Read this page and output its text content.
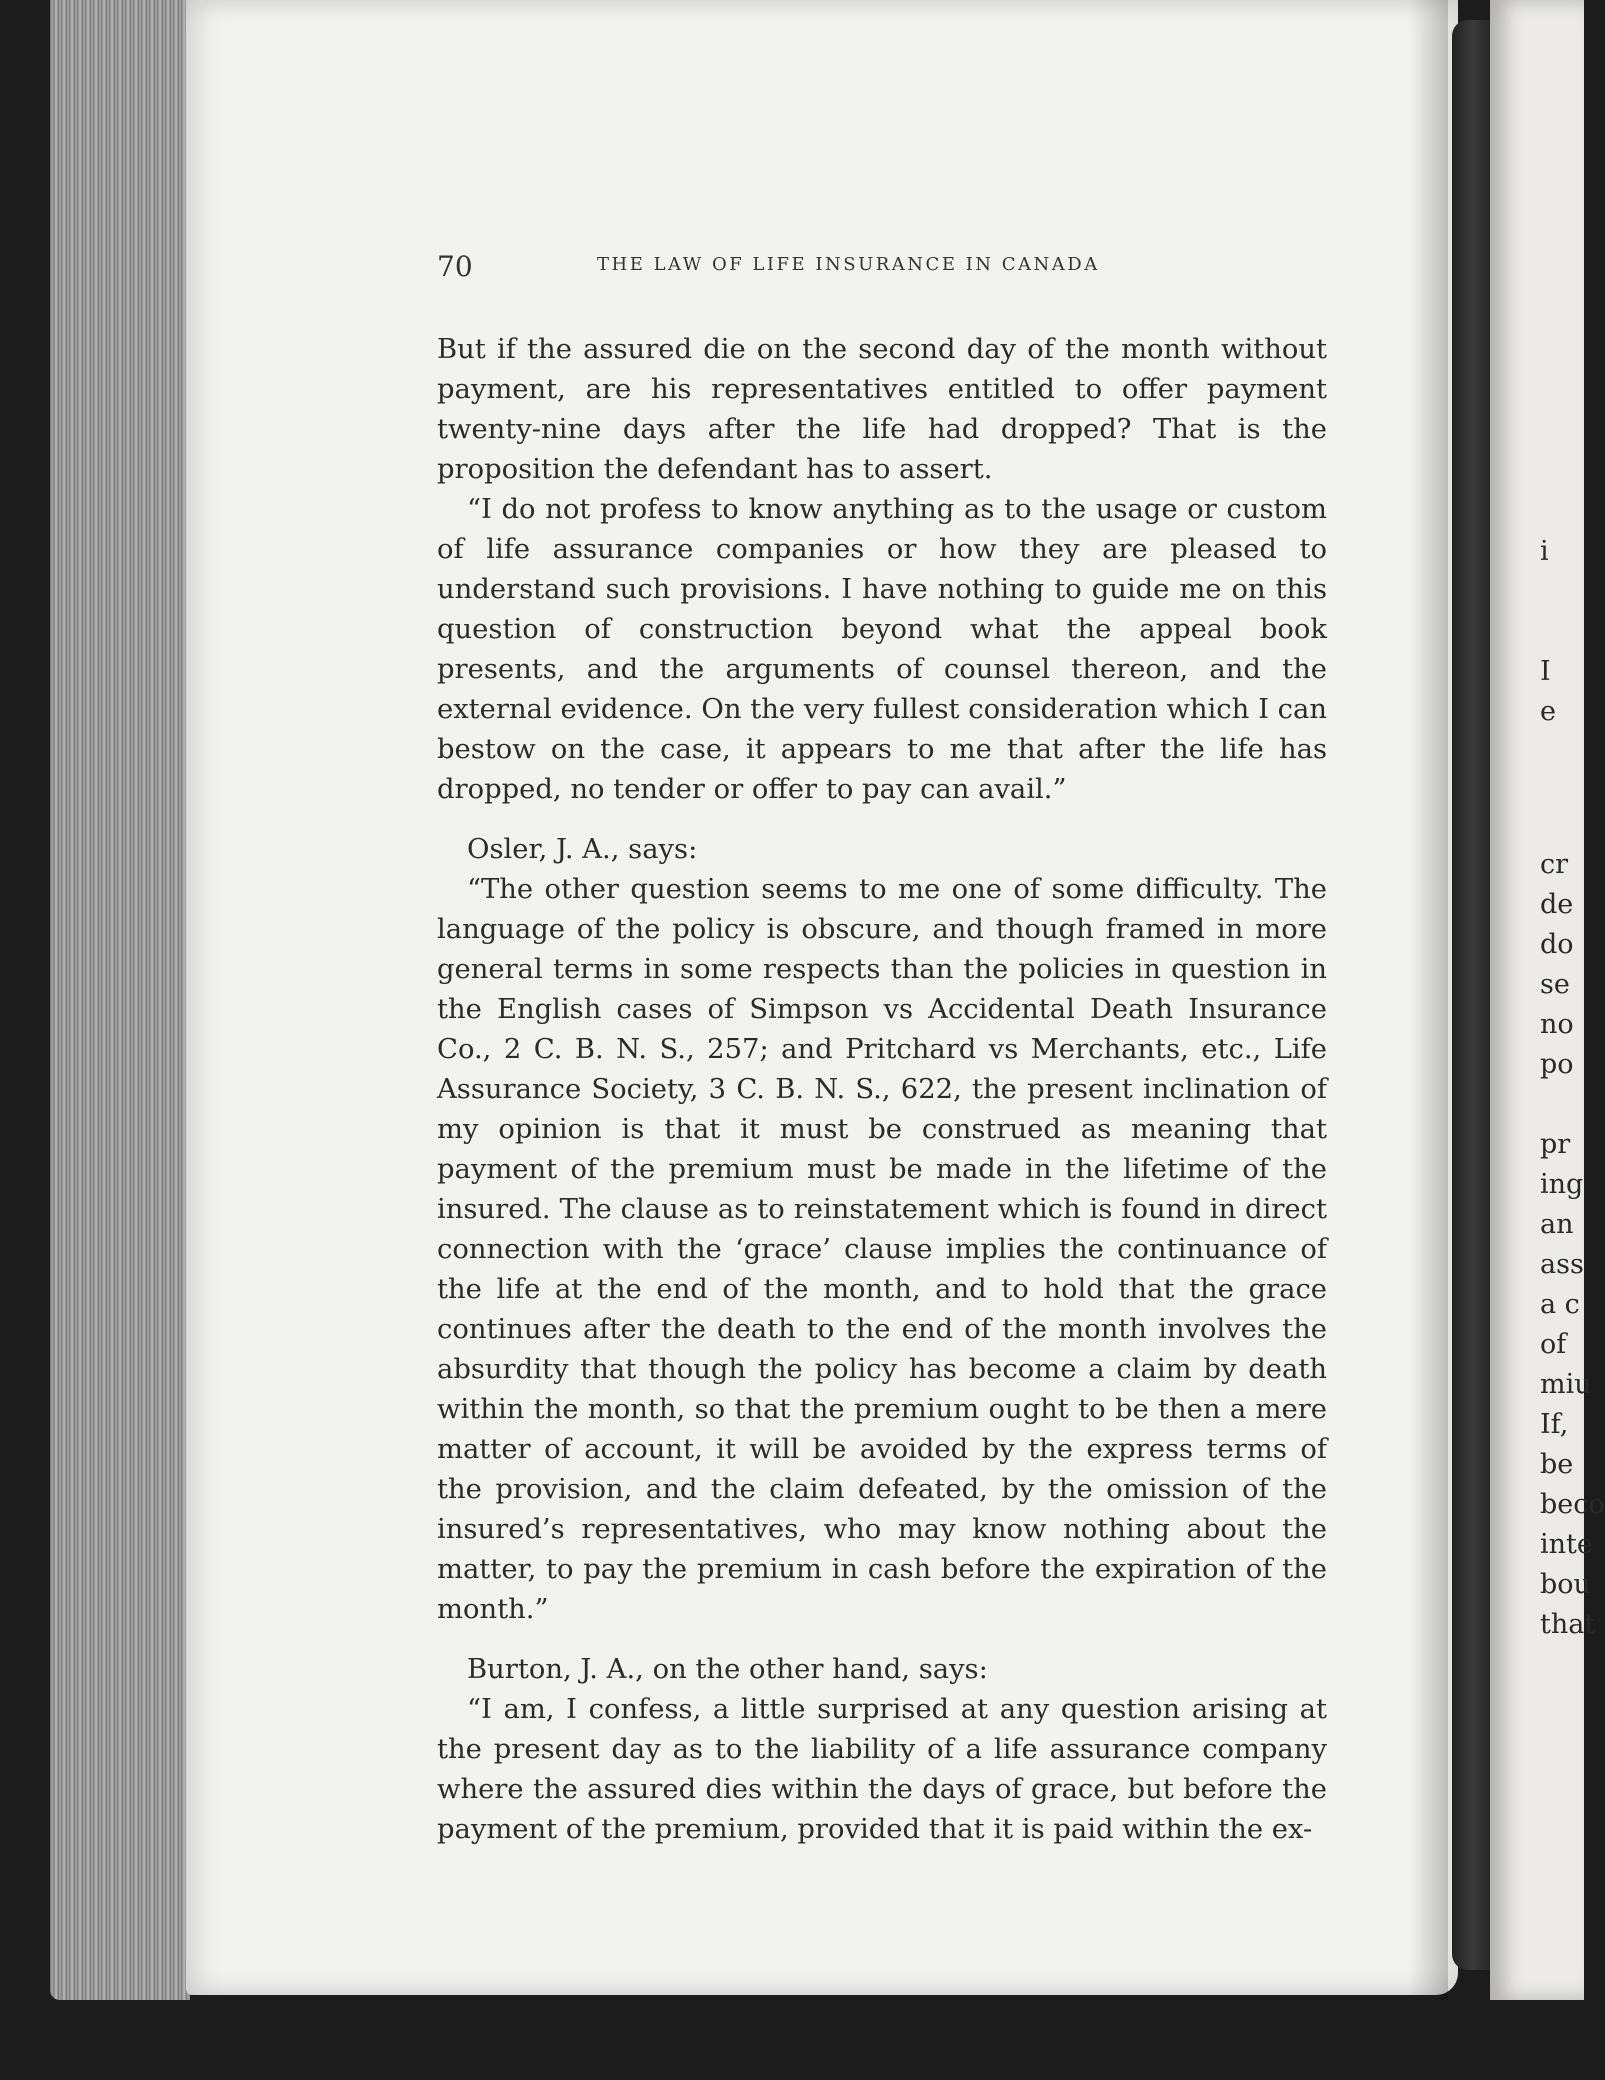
70	THE LAW OF LIFE INSURANCE IN CANADA

But if the assured die on the second day of the month without payment, are his representatives entitled to offer payment twenty-nine days after the life had dropped? That is the proposition the defendant has to assert.

“I do not profess to know anything as to the usage or custom of life assurance companies or how they are pleased to understand such provisions. I have nothing to guide me on this question of construction beyond what the appeal book presents, and the arguments of counsel thereon, and the external evidence. On the very fullest consideration which I can bestow on the case, it appears to me that after the life has dropped, no tender or offer to pay can avail.”

Osler, J. A., says:

“The other question seems to me one of some difficulty. The language of the policy is obscure, and though framed in more general terms in some respects than the policies in question in the English cases of Simpson vs Accidental Death Insurance Co., 2 C. B. N. S., 257; and Pritchard vs Merchants, etc., Life Assurance Society, 3 C. B. N. S., 622, the present inclination of my opinion is that it must be construed as meaning that payment of the premium must be made in the lifetime of the insured. The clause as to reinstatement which is found in direct connection with the ‘grace’ clause implies the continuance of the life at the end of the month, and to hold that the grace continues after the death to the end of the month involves the absurdity that though the policy has become a claim by death within the month, so that the premium ought to be then a mere matter of account, it will be avoided by the express terms of the provision, and the claim defeated, by the omission of the insured’s representatives, who may know nothing about the matter, to pay the premium in cash before the expiration of the month.”

Burton, J. A., on the other hand, says:

“I am, I confess, a little surprised at any question arising at the present day as to the liability of a life assurance company where the assured dies within the days of grace, but before the payment of the premium, provided that it is paid within the ex-

i
I
e
cr
de
do
se
no
po
pr
ing
an
ass
a c
of
miu
If,
be
beco
inte
bou
that
